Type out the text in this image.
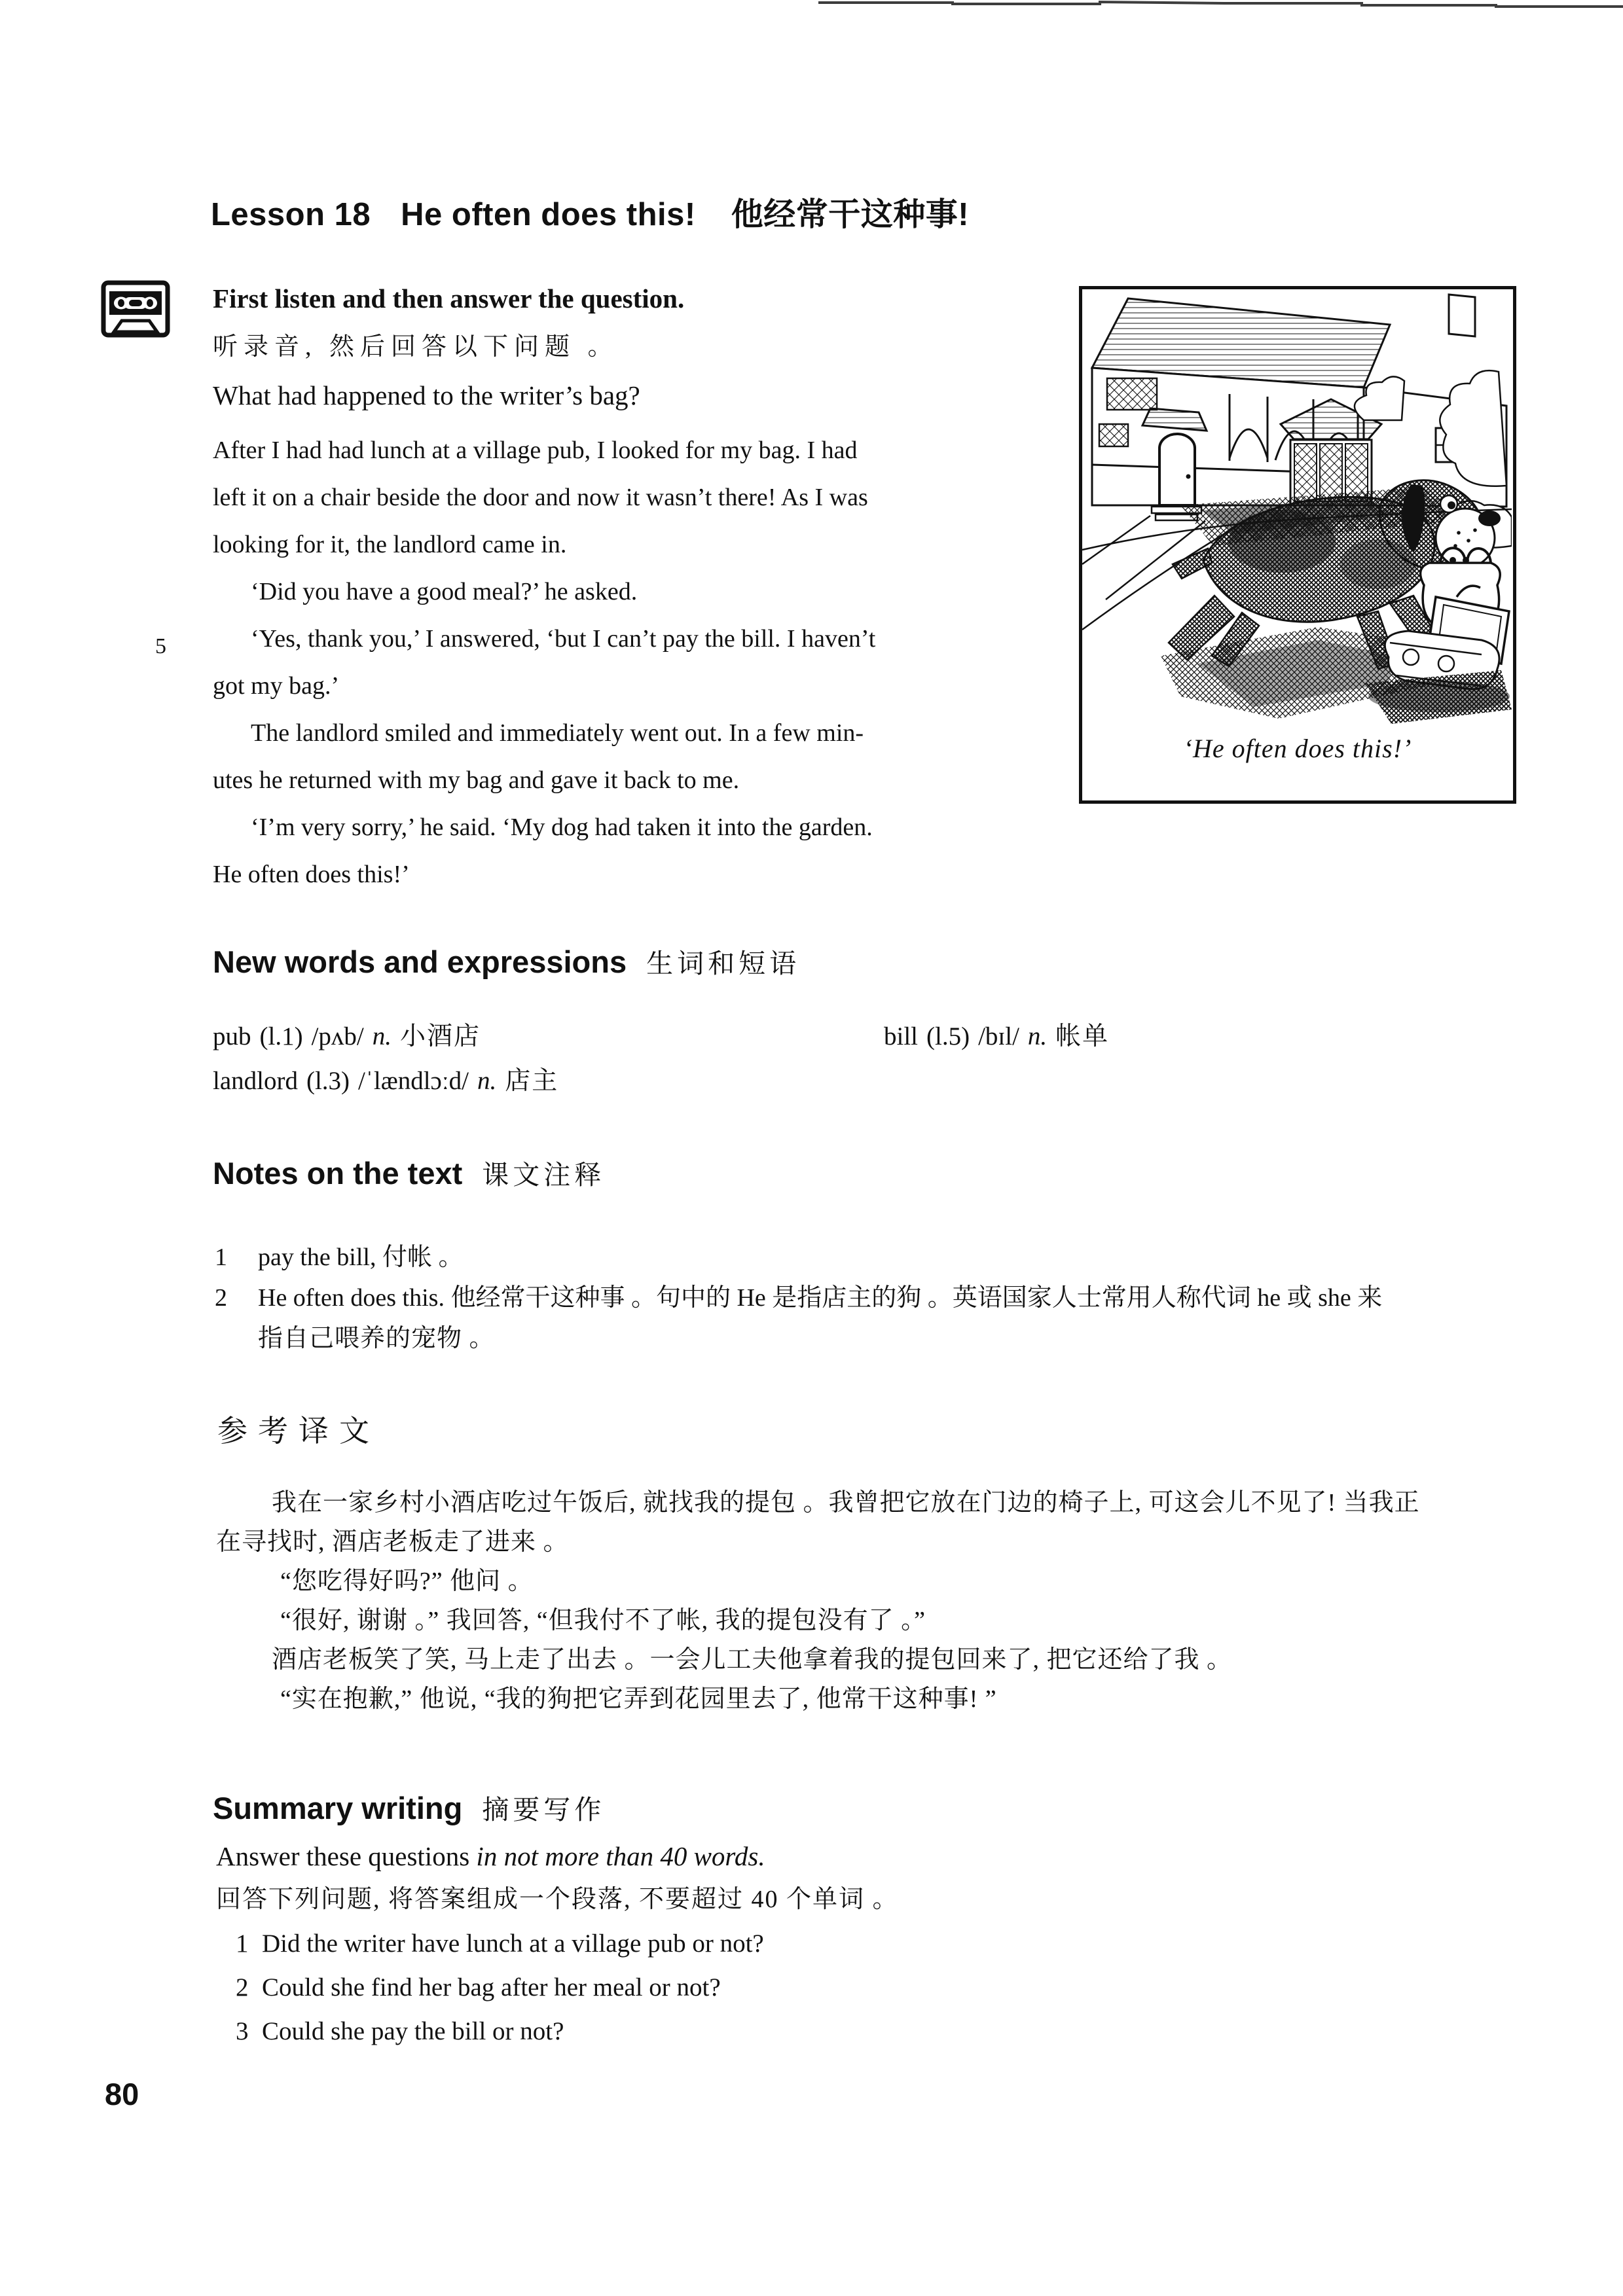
Lesson 18 He often does this! 他经常干这种事!
First listen and then answer the question.
听录音, 然后回答以下问题 。
What had happened to the writer’s bag?
After I had had lunch at a village pub, I looked for my bag. I had
left it on a chair beside the door and now it wasn’t there! As I was
looking for it, the landlord came in.
‘Did you have a good meal?’ he asked.
‘Yes, thank you,’ I answered, ‘but I can’t pay the bill. I haven’t
got my bag.’
The landlord smiled and immediately went out. In a few min-
utes he returned with my bag and gave it back to me.
‘I’m very sorry,’ he said. ‘My dog had taken it into the garden.
He often does this!’
5
‘He often does this!’
New words and expressions 生词和短语
pub (l.1) /pʌb/ n. 小酒店
landlord (l.3) /ˈlændlɔːd/ n. 店主
bill (l.5) /bɪl/ n. 帐单
Notes on the text 课文注释
1 pay the bill, 付帐 。
2 He often does this. 他经常干这种事 。句中的 He 是指店主的狗 。英语国家人士常用人称代词 he 或 she 来
指自己喂养的宠物 。
参考译文
我在一家乡村小酒店吃过午饭后, 就找我的提包 。我曾把它放在门边的椅子上, 可这会儿不见了! 当我正
在寻找时, 酒店老板走了进来 。
“您吃得好吗?” 他问 。
“很好, 谢谢 。” 我回答, “但我付不了帐, 我的提包没有了 。”
酒店老板笑了笑, 马上走了出去 。一会儿工夫他拿着我的提包回来了, 把它还给了我 。
“实在抱歉,” 他说, “我的狗把它弄到花园里去了, 他常干这种事! ”
Summary writing 摘要写作
Answer these questions in not more than 40 words.
回答下列问题, 将答案组成一个段落, 不要超过 40 个单词 。
1 Did the writer have lunch at a village pub or not?
2 Could she find her bag after her meal or not?
3 Could she pay the bill or not?
80
